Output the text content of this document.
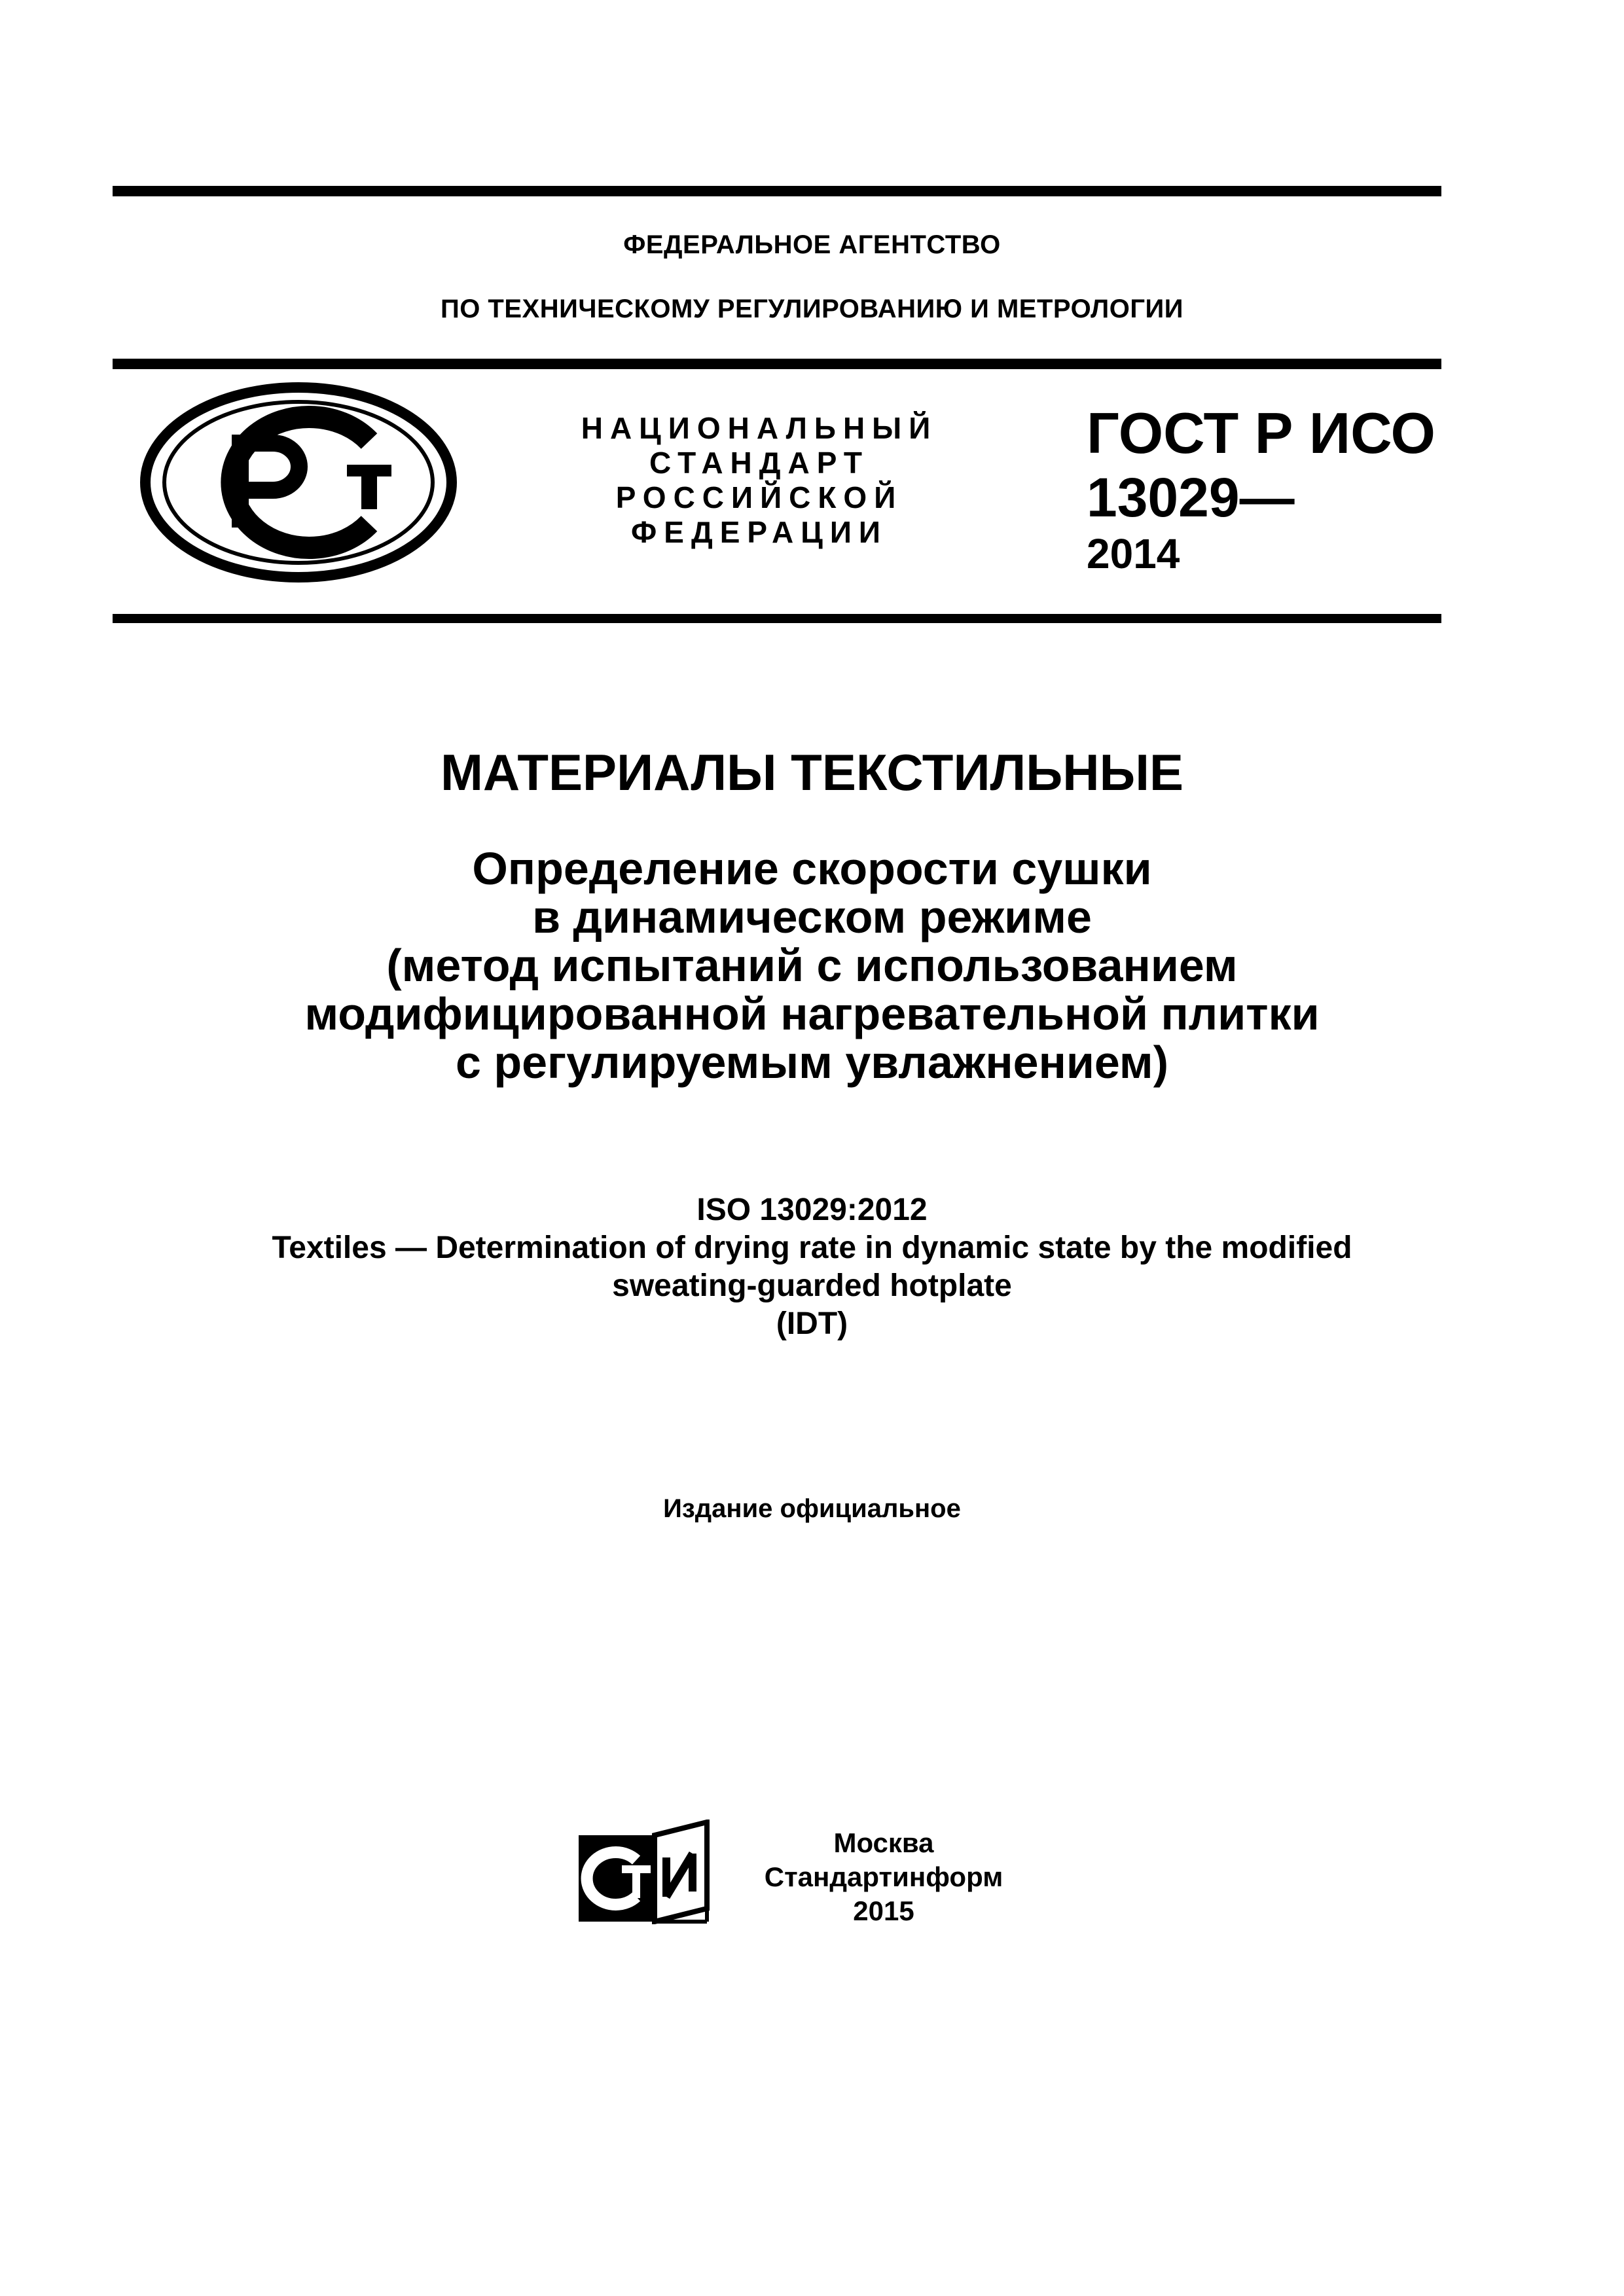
ФЕДЕРАЛЬНОЕ АГЕНТСТВО
ПО ТЕХНИЧЕСКОМУ РЕГУЛИРОВАНИЮ И МЕТРОЛОГИИ
НАЦИОНАЛЬНЫЙ
СТАНДАРТ
РОССИЙСКОЙ
ФЕДЕРАЦИИ
ГОСТ Р ИСО
13029—
2014
МАТЕРИАЛЫ ТЕКСТИЛЬНЫЕ
Определение скорости сушки
в динамическом режиме
(метод испытаний с использованием
модифицированной нагревательной плитки
с регулируемым увлажнением)
ISO 13029:2012
Textiles — Determination of drying rate in dynamic state by the modified
sweating-guarded hotplate
(IDT)
Издание официальное
Москва
Стандартинформ
2015
